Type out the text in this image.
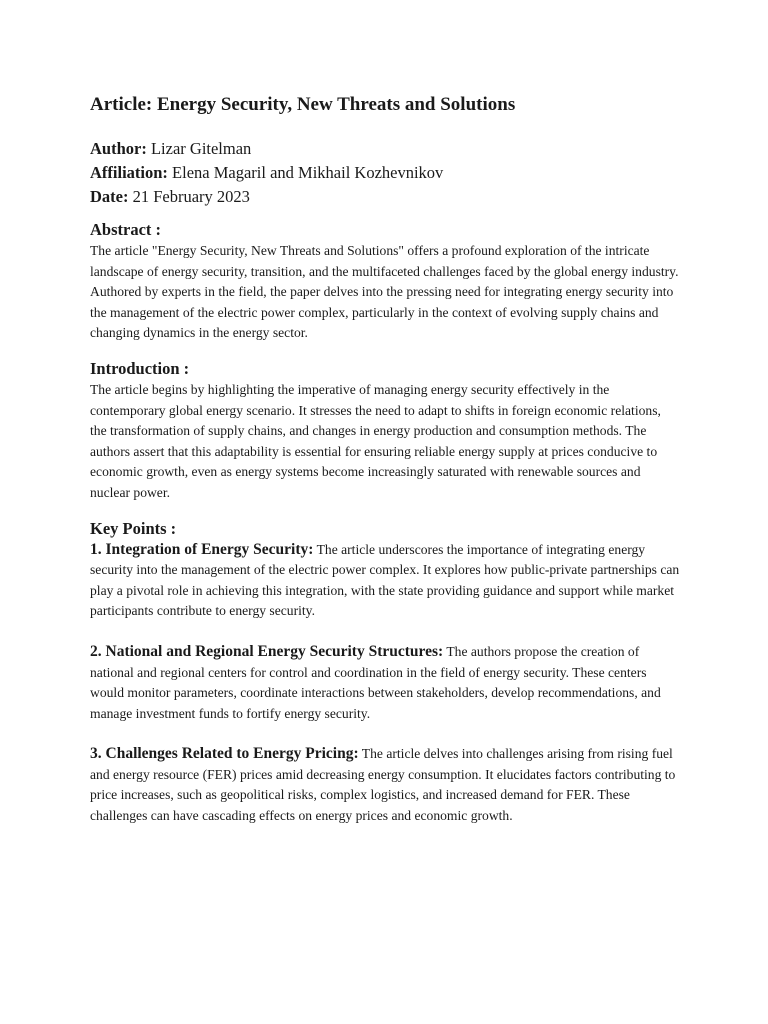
Article: Energy Security, New Threats and Solutions
Author: Lizar Gitelman
Affiliation: Elena Magaril and Mikhail Kozhevnikov
Date: 21 February 2023
Abstract :

The article "Energy Security, New Threats and Solutions" offers a profound exploration of the intricate landscape of energy security, transition, and the multifaceted challenges faced by the global energy industry. Authored by experts in the field, the paper delves into the pressing need for integrating energy security into the management of the electric power complex, particularly in the context of evolving supply chains and changing dynamics in the energy sector.

Introduction :

The article begins by highlighting the imperative of managing energy security effectively in the contemporary global energy scenario. It stresses the need to adapt to shifts in foreign economic relations, the transformation of supply chains, and changes in energy production and consumption methods. The authors assert that this adaptability is essential for ensuring reliable energy supply at prices conducive to economic growth, even as energy systems become increasingly saturated with renewable sources and nuclear power.

Key Points :

1. Integration of Energy Security: The article underscores the importance of integrating energy security into the management of the electric power complex. It explores how public-private partnerships can play a pivotal role in achieving this integration, with the state providing guidance and support while market participants contribute to energy security.

2. National and Regional Energy Security Structures: The authors propose the creation of national and regional centers for control and coordination in the field of energy security. These centers would monitor parameters, coordinate interactions between stakeholders, develop recommendations, and manage investment funds to fortify energy security.

3. Challenges Related to Energy Pricing: The article delves into challenges arising from rising fuel and energy resource (FER) prices amid decreasing energy consumption. It elucidates factors contributing to price increases, such as geopolitical risks, complex logistics, and increased demand for FER. These challenges can have cascading effects on energy prices and economic growth.
